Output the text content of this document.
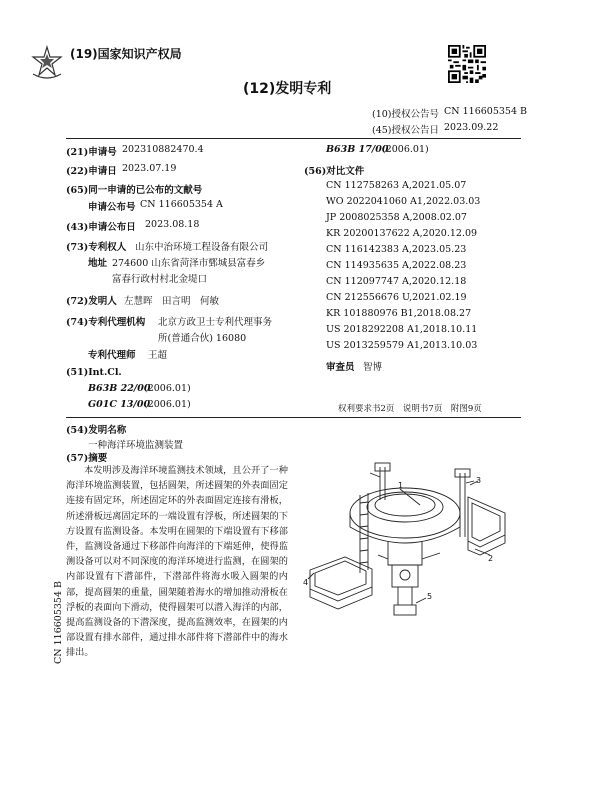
(19)国家知识产权局
(12)发明专利
(10)授权公告号 CN 116605354 B
(45)授权公告日 2023.09.22
(21)申请号 202310882470.4
(22)申请日 2023.07.19
(65)同一申请的已公布的文献号
申请公布号 CN 116605354 A
(43)申请公布日 2023.08.18
(73)专利权人 山东中治环境工程设备有限公司
地址 274600 山东省菏泽市鄄城县富春乡
富春行政村村北金堤口
(72)发明人 左慧晖　田言明　何敏
(74)专利代理机构 北京方政卫士专利代理事务
所(普通合伙) 16080
专利代理师 王超
(51)Int.Cl.
B63B 22/00
(2006.01)
G01C 13/00
(2006.01)
B63B 17/00
(2006.01)
(56)对比文件
CN 112758263 A,2021.05.07
WO 2022041060 A1,2022.03.03
JP 2008025358 A,2008.02.07
KR 20200137622 A,2020.12.09
CN 116142383 A,2023.05.23
CN 114935635 A,2022.08.23
CN 112097747 A,2020.12.18
CN 212556676 U,2021.02.19
KR 101880976 B1,2018.08.27
US 2018292208 A1,2018.10.11
US 2013259579 A1,2013.10.03
审查员 智博
权利要求书2页　说明书7页　附图9页
(54)发明名称
一种海洋环境监测装置
(57)摘要
本发明涉及海洋环境监测技术领域，且公开了一种海洋环境监测装置，包括圆架，所述圆架的外表面固定连接有固定环，所述固定环的外表面固定连接有滑板，所述滑板远离固定环的一端设置有浮板，所述圆架的下方设置有监测设备。本发明在圆架的下端设置有下移部件，监测设备通过下移部件向海洋的下端延伸，使得监测设备可以对不同深度的海洋环境进行监测，在圆架的内部设置有下潜部件，下潜部件将海水吸入圆架的内部，提高圆架的重量，圆架随着海水的增加推动滑板在浮板的表面向下滑动，使得圆架可以潜入海洋的内部，提高监测设备的下潜深度，提高监测效率，在圆架的内部设置有排水部件，通过排水部件将下潜部件中的海水排出。
1
2
3
4
5
CN 116605354 B
